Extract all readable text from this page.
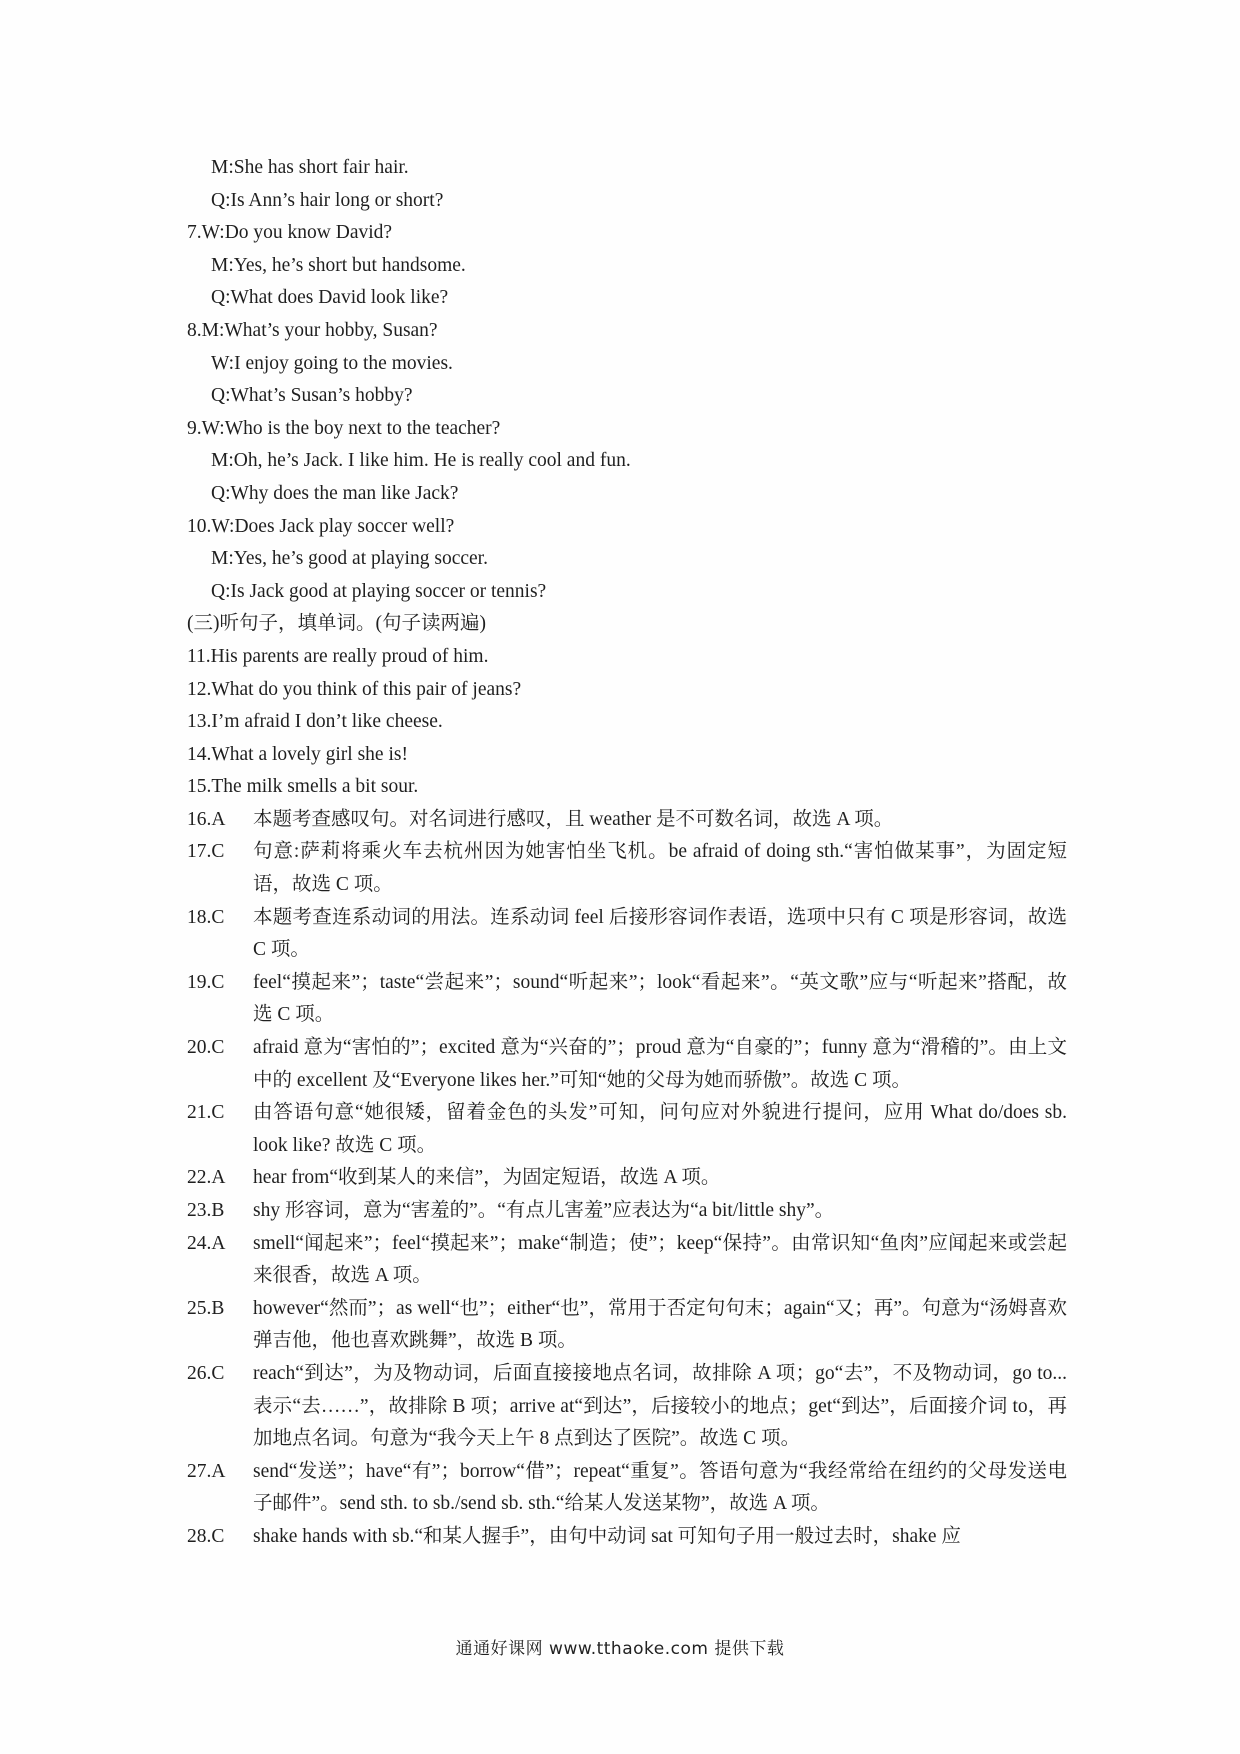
M:She has short fair hair.
Q:Is Ann’s hair long or short?
7.W:Do you know David?
M:Yes, he’s short but handsome.
Q:What does David look like?
8.M:What’s your hobby, Susan?
W:I enjoy going to the movies.
Q:What’s Susan’s hobby?
9.W:Who is the boy next to the teacher?
M:Oh, he’s Jack. I like him. He is really cool and fun.
Q:Why does the man like Jack?
10.W:Does Jack play soccer well?
M:Yes, he’s good at playing soccer.
Q:Is Jack good at playing soccer or tennis?
(三)听句子，填单词。(句子读两遍)
11.His parents are really proud of him.
12.What do you think of this pair of jeans?
13.I’m afraid I don’t like cheese.
14.What a lovely girl she is!
15.The milk smells a bit sour.
16.A	本题考查感叹句。对名词进行感叹，且 weather 是不可数名词，故选 A 项。
17.C	句意:萨莉将乘火车去杭州因为她害怕坐飞机。be afraid of doing sth.“害怕做某事”，为固定短语，故选 C 项。
18.C	本题考查连系动词的用法。连系动词 feel 后接形容词作表语，选项中只有 C 项是形容词，故选 C 项。
19.C	feel“摸起来”；taste“尝起来”；sound“听起来”；look“看起来”。“英文歌”应与“听起来”搭配，故选 C 项。
20.C	afraid 意为“害怕的”；excited 意为“兴奋的”；proud 意为“自豪的”；funny 意为“滑稽的”。由上文中的 excellent 及“Everyone likes her.”可知“她的父母为她而骄傲”。故选 C 项。
21.C	由答语句意“她很矮，留着金色的头发”可知，问句应对外貌进行提问，应用 What do/does sb. look like? 故选 C 项。
22.A	hear from“收到某人的来信”，为固定短语，故选 A 项。
23.B	shy 形容词，意为“害羞的”。“有点儿害羞”应表达为“a bit/little shy”。
24.A	smell“闻起来”；feel“摸起来”；make“制造；使”；keep“保持”。由常识知“鱼肉”应闻起来或尝起来很香，故选 A 项。
25.B	however“然而”；as well“也”；either“也”，常用于否定句句末；again“又；再”。句意为“汤姆喜欢弹吉他，他也喜欢跳舞”，故选 B 项。
26.C	reach“到达”，为及物动词，后面直接接地点名词，故排除 A 项；go“去”，不及物动词，go to...表示“去……”，故排除 B 项；arrive at“到达”，后接较小的地点；get“到达”，后面接介词 to，再加地点名词。句意为“我今天上午 8 点到达了医院”。故选 C 项。
27.A	send“发送”；have“有”；borrow“借”；repeat“重复”。答语句意为“我经常给在纽约的父母发送电子邮件”。send sth. to sb./send sb. sth.“给某人发送某物”，故选 A 项。
28.C	shake hands with sb.“和某人握手”，由句中动词 sat 可知句子用一般过去时，shake 应
通通好课网 www.tthaoke.com 提供下载
